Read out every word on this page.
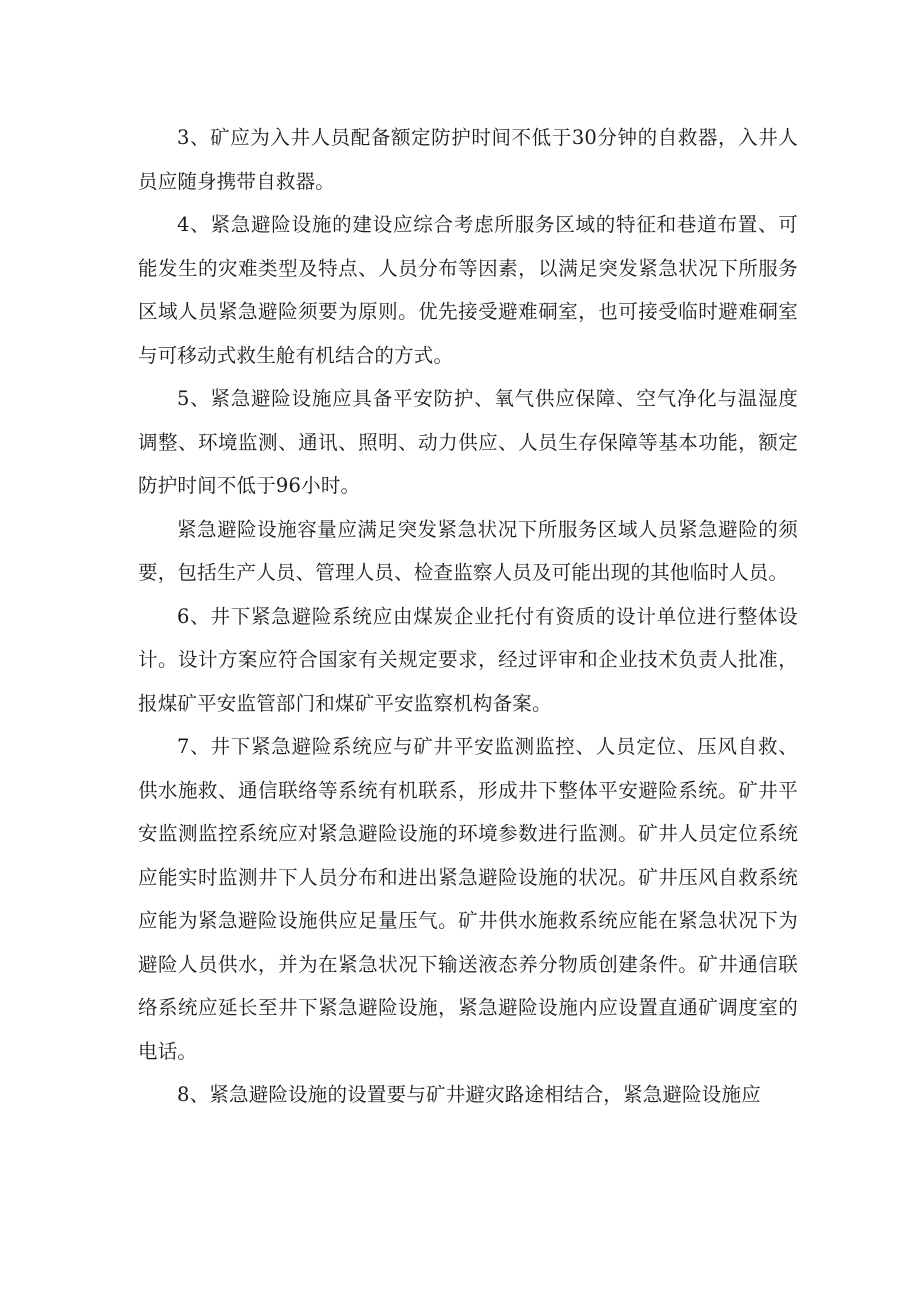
3、矿应为入井人员配备额定防护时间不低于30分钟的自救器，入井人员应随身携带自救器。

4、紧急避险设施的建设应综合考虑所服务区域的特征和巷道布置、可能发生的灾难类型及特点、人员分布等因素，以满足突发紧急状况下所服务区域人员紧急避险须要为原则。优先接受避难硐室，也可接受临时避难硐室与可移动式救生舱有机结合的方式。

5、紧急避险设施应具备平安防护、氧气供应保障、空气净化与温湿度调整、环境监测、通讯、照明、动力供应、人员生存保障等基本功能，额定防护时间不低于96小时。

紧急避险设施容量应满足突发紧急状况下所服务区域人员紧急避险的须要，包括生产人员、管理人员、检查监察人员及可能出现的其他临时人员。

6、井下紧急避险系统应由煤炭企业托付有资质的设计单位进行整体设计。设计方案应符合国家有关规定要求，经过评审和企业技术负责人批准，报煤矿平安监管部门和煤矿平安监察机构备案。

7、井下紧急避险系统应与矿井平安监测监控、人员定位、压风自救、供水施救、通信联络等系统有机联系，形成井下整体平安避险系统。矿井平安监测监控系统应对紧急避险设施的环境参数进行监测。矿井人员定位系统应能实时监测井下人员分布和进出紧急避险设施的状况。矿井压风自救系统应能为紧急避险设施供应足量压气。矿井供水施救系统应能在紧急状况下为避险人员供水，并为在紧急状况下输送液态养分物质创建条件。矿井通信联络系统应延长至井下紧急避险设施，紧急避险设施内应设置直通矿调度室的电话。

8、紧急避险设施的设置要与矿井避灾路途相结合，紧急避险设施应
